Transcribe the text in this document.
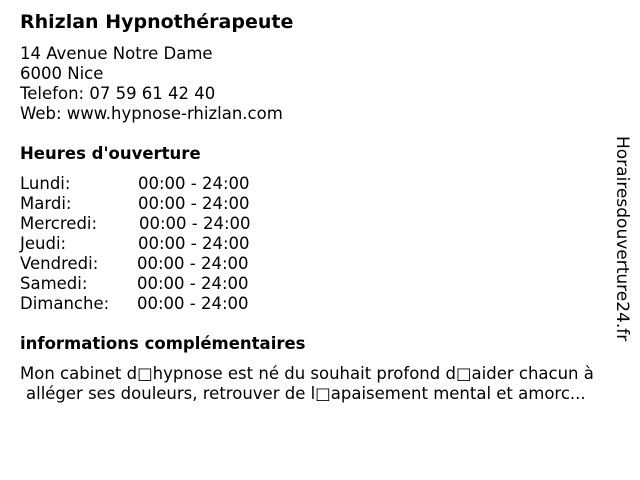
Rhizlan Hypnothérapeute
14 Avenue Notre Dame
6000 Nice
Telefon: 07 59 61 42 40
Web: www.hypnose-rhizlan.com
Heures d'ouverture
Lundi:	00:00 - 24:00
Mardi:	00:00 - 24:00
Mercredi:	00:00 - 24:00
Jeudi:	00:00 - 24:00
Vendredi: 00:00 - 24:00
Samedi:	00:00 - 24:00
Dimanche: 00:00 - 24:00
informations complémentaires
Mon cabinet d□hypnose est né du souhait profond d□aider chacun à
alléger ses douleurs, retrouver de l□apaisement mental et amorc...
Horairesdouverture24.fr
